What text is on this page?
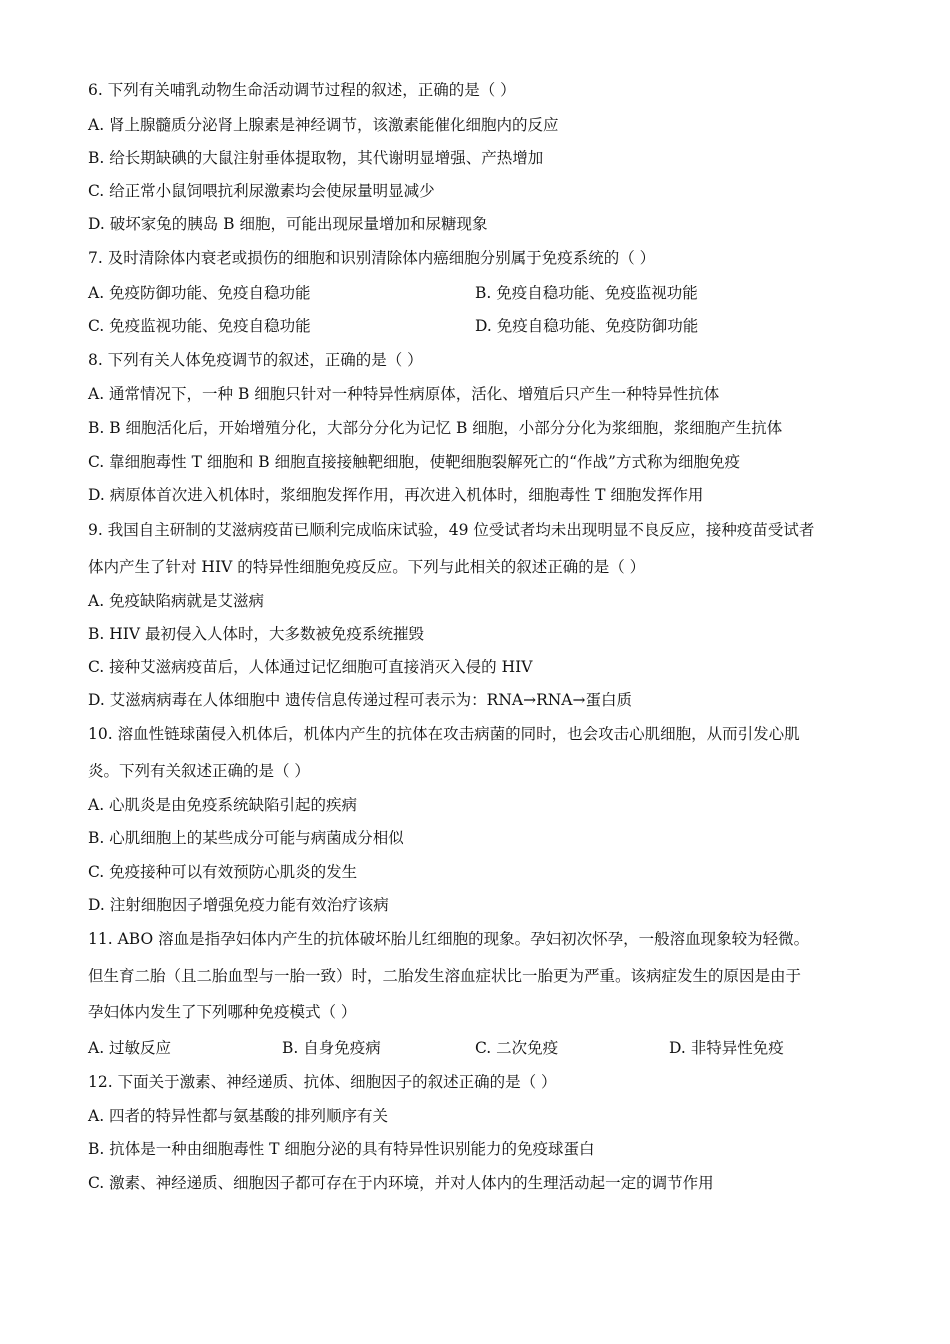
6. 下列有关哺乳动物生命活动调节过程的叙述，正确的是（ ）
A. 肾上腺髓质分泌肾上腺素是神经调节，该激素能催化细胞内的反应
B. 给长期缺碘的大鼠注射垂体提取物，其代谢明显增强、产热增加
C. 给正常小鼠饲喂抗利尿激素均会使尿量明显减少
D. 破坏家兔的胰岛 B 细胞，可能出现尿量增加和尿糖现象
7. 及时清除体内衰老或损伤的细胞和识别清除体内癌细胞分别属于免疫系统的（ ）
A. 免疫防御功能、免疫自稳功能	B. 免疫自稳功能、免疫监视功能
C. 免疫监视功能、免疫自稳功能	D. 免疫自稳功能、免疫防御功能
8. 下列有关人体免疫调节的叙述，正确的是（ ）
A. 通常情况下，一种 B 细胞只针对一种特异性病原体，活化、增殖后只产生一种特异性抗体
B. B 细胞活化后，开始增殖分化，大部分分化为记忆 B 细胞，小部分分化为浆细胞，浆细胞产生抗体
C. 靠细胞毒性 T 细胞和 B 细胞直接接触靶细胞，使靶细胞裂解死亡的“作战”方式称为细胞免疫
D. 病原体首次进入机体时，浆细胞发挥作用，再次进入机体时，细胞毒性 T 细胞发挥作用
9. 我国自主研制的艾滋病疫苗已顺利完成临床试验，49 位受试者均未出现明显不良反应，接种疫苗受试者
体内产生了针对 HIV 的特异性细胞免疫反应。下列与此相关的叙述正确的是（ ）
A. 免疫缺陷病就是艾滋病
B. HIV 最初侵入人体时，大多数被免疫系统摧毁
C. 接种艾滋病疫苗后，人体通过记忆细胞可直接消灭入侵的 HIV
D. 艾滋病病毒在人体细胞中 遗传信息传递过程可表示为：RNA→RNA→蛋白质
10. 溶血性链球菌侵入机体后，机体内产生的抗体在攻击病菌的同时，也会攻击心肌细胞，从而引发心肌
炎。下列有关叙述正确的是（ ）
A. 心肌炎是由免疫系统缺陷引起的疾病
B. 心肌细胞上的某些成分可能与病菌成分相似
C. 免疫接种可以有效预防心肌炎的发生
D. 注射细胞因子增强免疫力能有效治疗该病
11. ABO 溶血是指孕妇体内产生的抗体破坏胎儿红细胞的现象。孕妇初次怀孕，一般溶血现象较为轻微。
但生育二胎（且二胎血型与一胎一致）时，二胎发生溶血症状比一胎更为严重。该病症发生的原因是由于
孕妇体内发生了下列哪种免疫模式（ ）
A. 过敏反应	B. 自身免疫病	C. 二次免疫	D. 非特异性免疫
12. 下面关于激素、神经递质、抗体、细胞因子的叙述正确的是（ ）
A. 四者的特异性都与氨基酸的排列顺序有关
B. 抗体是一种由细胞毒性 T 细胞分泌的具有特异性识别能力的免疫球蛋白
C. 激素、神经递质、细胞因子都可存在于内环境，并对人体内的生理活动起一定的调节作用
